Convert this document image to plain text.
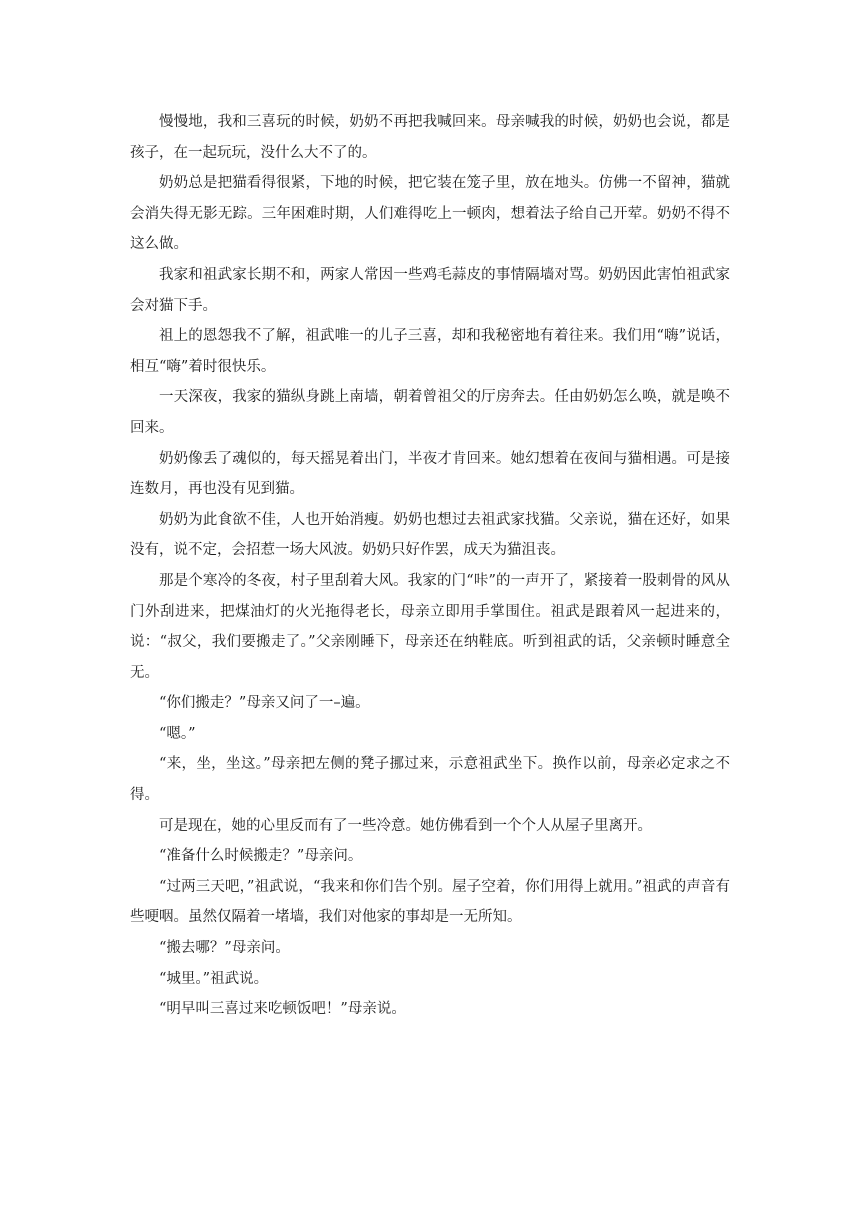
慢慢地，我和三喜玩的时候，奶奶不再把我喊回来。母亲喊我的时候，奶奶也会说，都是孩子，在一起玩玩，没什么大不了的。

奶奶总是把猫看得很紧，下地的时候，把它装在笼子里，放在地头。仿佛一不留神，猫就会消失得无影无踪。三年困难时期，人们难得吃上一顿肉，想着法子给自己开荤。奶奶不得不这么做。

我家和祖武家长期不和，两家人常因一些鸡毛蒜皮的事情隔墙对骂。奶奶因此害怕祖武家会对猫下手。

祖上的恩怨我不了解，祖武唯一的儿子三喜，却和我秘密地有着往来。我们用“嗨”说话，相互“嗨”着时很快乐。

一天深夜，我家的猫纵身跳上南墙，朝着曾祖父的厅房奔去。任由奶奶怎么唤，就是唤不回来。

奶奶像丢了魂似的，每天摇晃着出门，半夜才肯回来。她幻想着在夜间与猫相遇。可是接连数月，再也没有见到猫。

奶奶为此食欲不佳，人也开始消瘦。奶奶也想过去祖武家找猫。父亲说，猫在还好，如果没有，说不定，会招惹一场大风波。奶奶只好作罢，成天为猫沮丧。

那是个寒冷的冬夜，村子里刮着大风。我家的门“咔”的一声开了，紧接着一股刺骨的风从门外刮进来，把煤油灯的火光拖得老长，母亲立即用手掌围住。祖武是跟着风一起进来的，说：“叔父，我们要搬走了。”父亲刚睡下，母亲还在纳鞋底。听到祖武的话，父亲顿时睡意全无。

“你们搬走？”母亲又问了一–遍。

“嗯。”

“来，坐，坐这。”母亲把左侧的凳子挪过来，示意祖武坐下。换作以前，母亲必定求之不得。

可是现在，她的心里反而有了一些冷意。她仿佛看到一个个人从屋子里离开。

“准备什么时候搬走？”母亲问。

“过两三天吧，”祖武说，“我来和你们告个别。屋子空着，你们用得上就用。”祖武的声音有些哽咽。虽然仅隔着一堵墙，我们对他家的事却是一无所知。

“搬去哪？”母亲问。

“城里。”祖武说。

“明早叫三喜过来吃顿饭吧！”母亲说。
